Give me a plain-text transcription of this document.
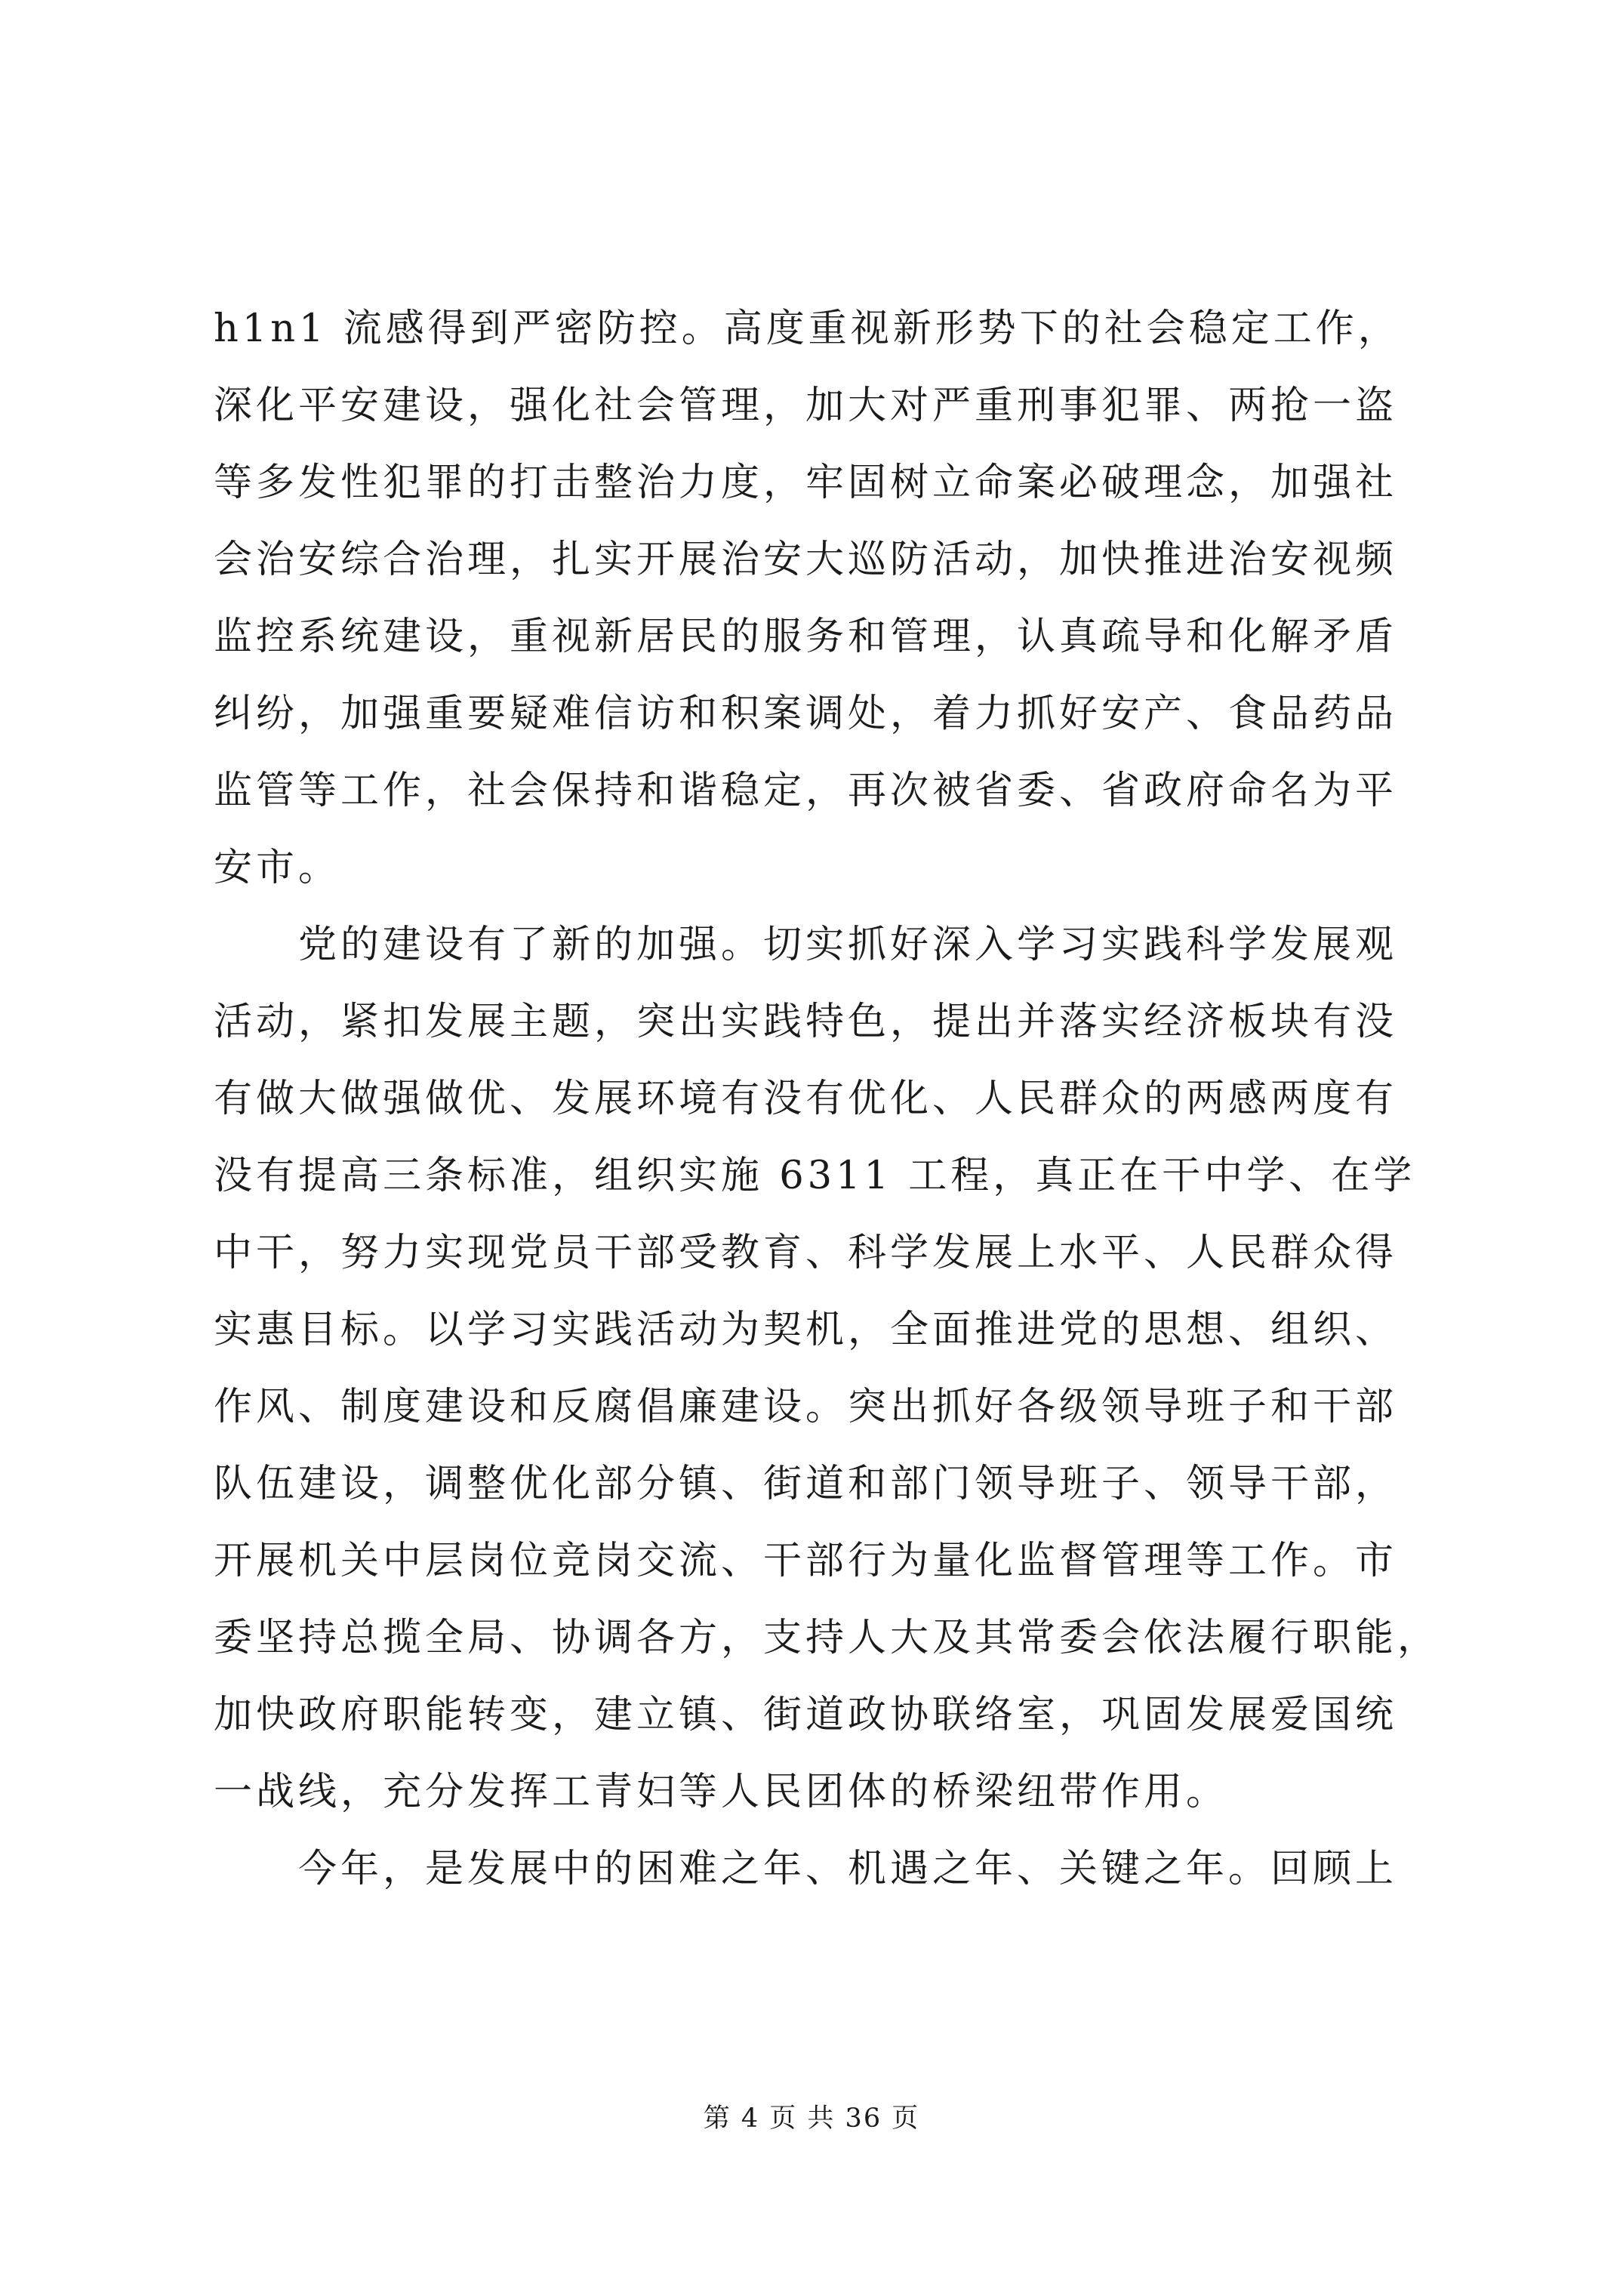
h1n1 流感得到严密防控。高度重视新形势下的社会稳定工作，
深化平安建设，强化社会管理，加大对严重刑事犯罪、两抢一盗
等多发性犯罪的打击整治力度，牢固树立命案必破理念，加强社
会治安综合治理，扎实开展治安大巡防活动，加快推进治安视频
监控系统建设，重视新居民的服务和管理，认真疏导和化解矛盾
纠纷，加强重要疑难信访和积案调处，着力抓好安产、食品药品
监管等工作，社会保持和谐稳定，再次被省委、省政府命名为平
安市。

党的建设有了新的加强。切实抓好深入学习实践科学发展观
活动，紧扣发展主题，突出实践特色，提出并落实经济板块有没
有做大做强做优、发展环境有没有优化、人民群众的两感两度有
没有提高三条标准，组织实施 6311 工程，真正在干中学、在学
中干，努力实现党员干部受教育、科学发展上水平、人民群众得
实惠目标。以学习实践活动为契机，全面推进党的思想、组织、
作风、制度建设和反腐倡廉建设。突出抓好各级领导班子和干部
队伍建设，调整优化部分镇、街道和部门领导班子、领导干部，
开展机关中层岗位竞岗交流、干部行为量化监督管理等工作。市
委坚持总揽全局、协调各方，支持人大及其常委会依法履行职能，
加快政府职能转变，建立镇、街道政协联络室，巩固发展爱国统
一战线，充分发挥工青妇等人民团体的桥梁纽带作用。

今年，是发展中的困难之年、机遇之年、关键之年。回顾上

第 4 页 共 36 页
